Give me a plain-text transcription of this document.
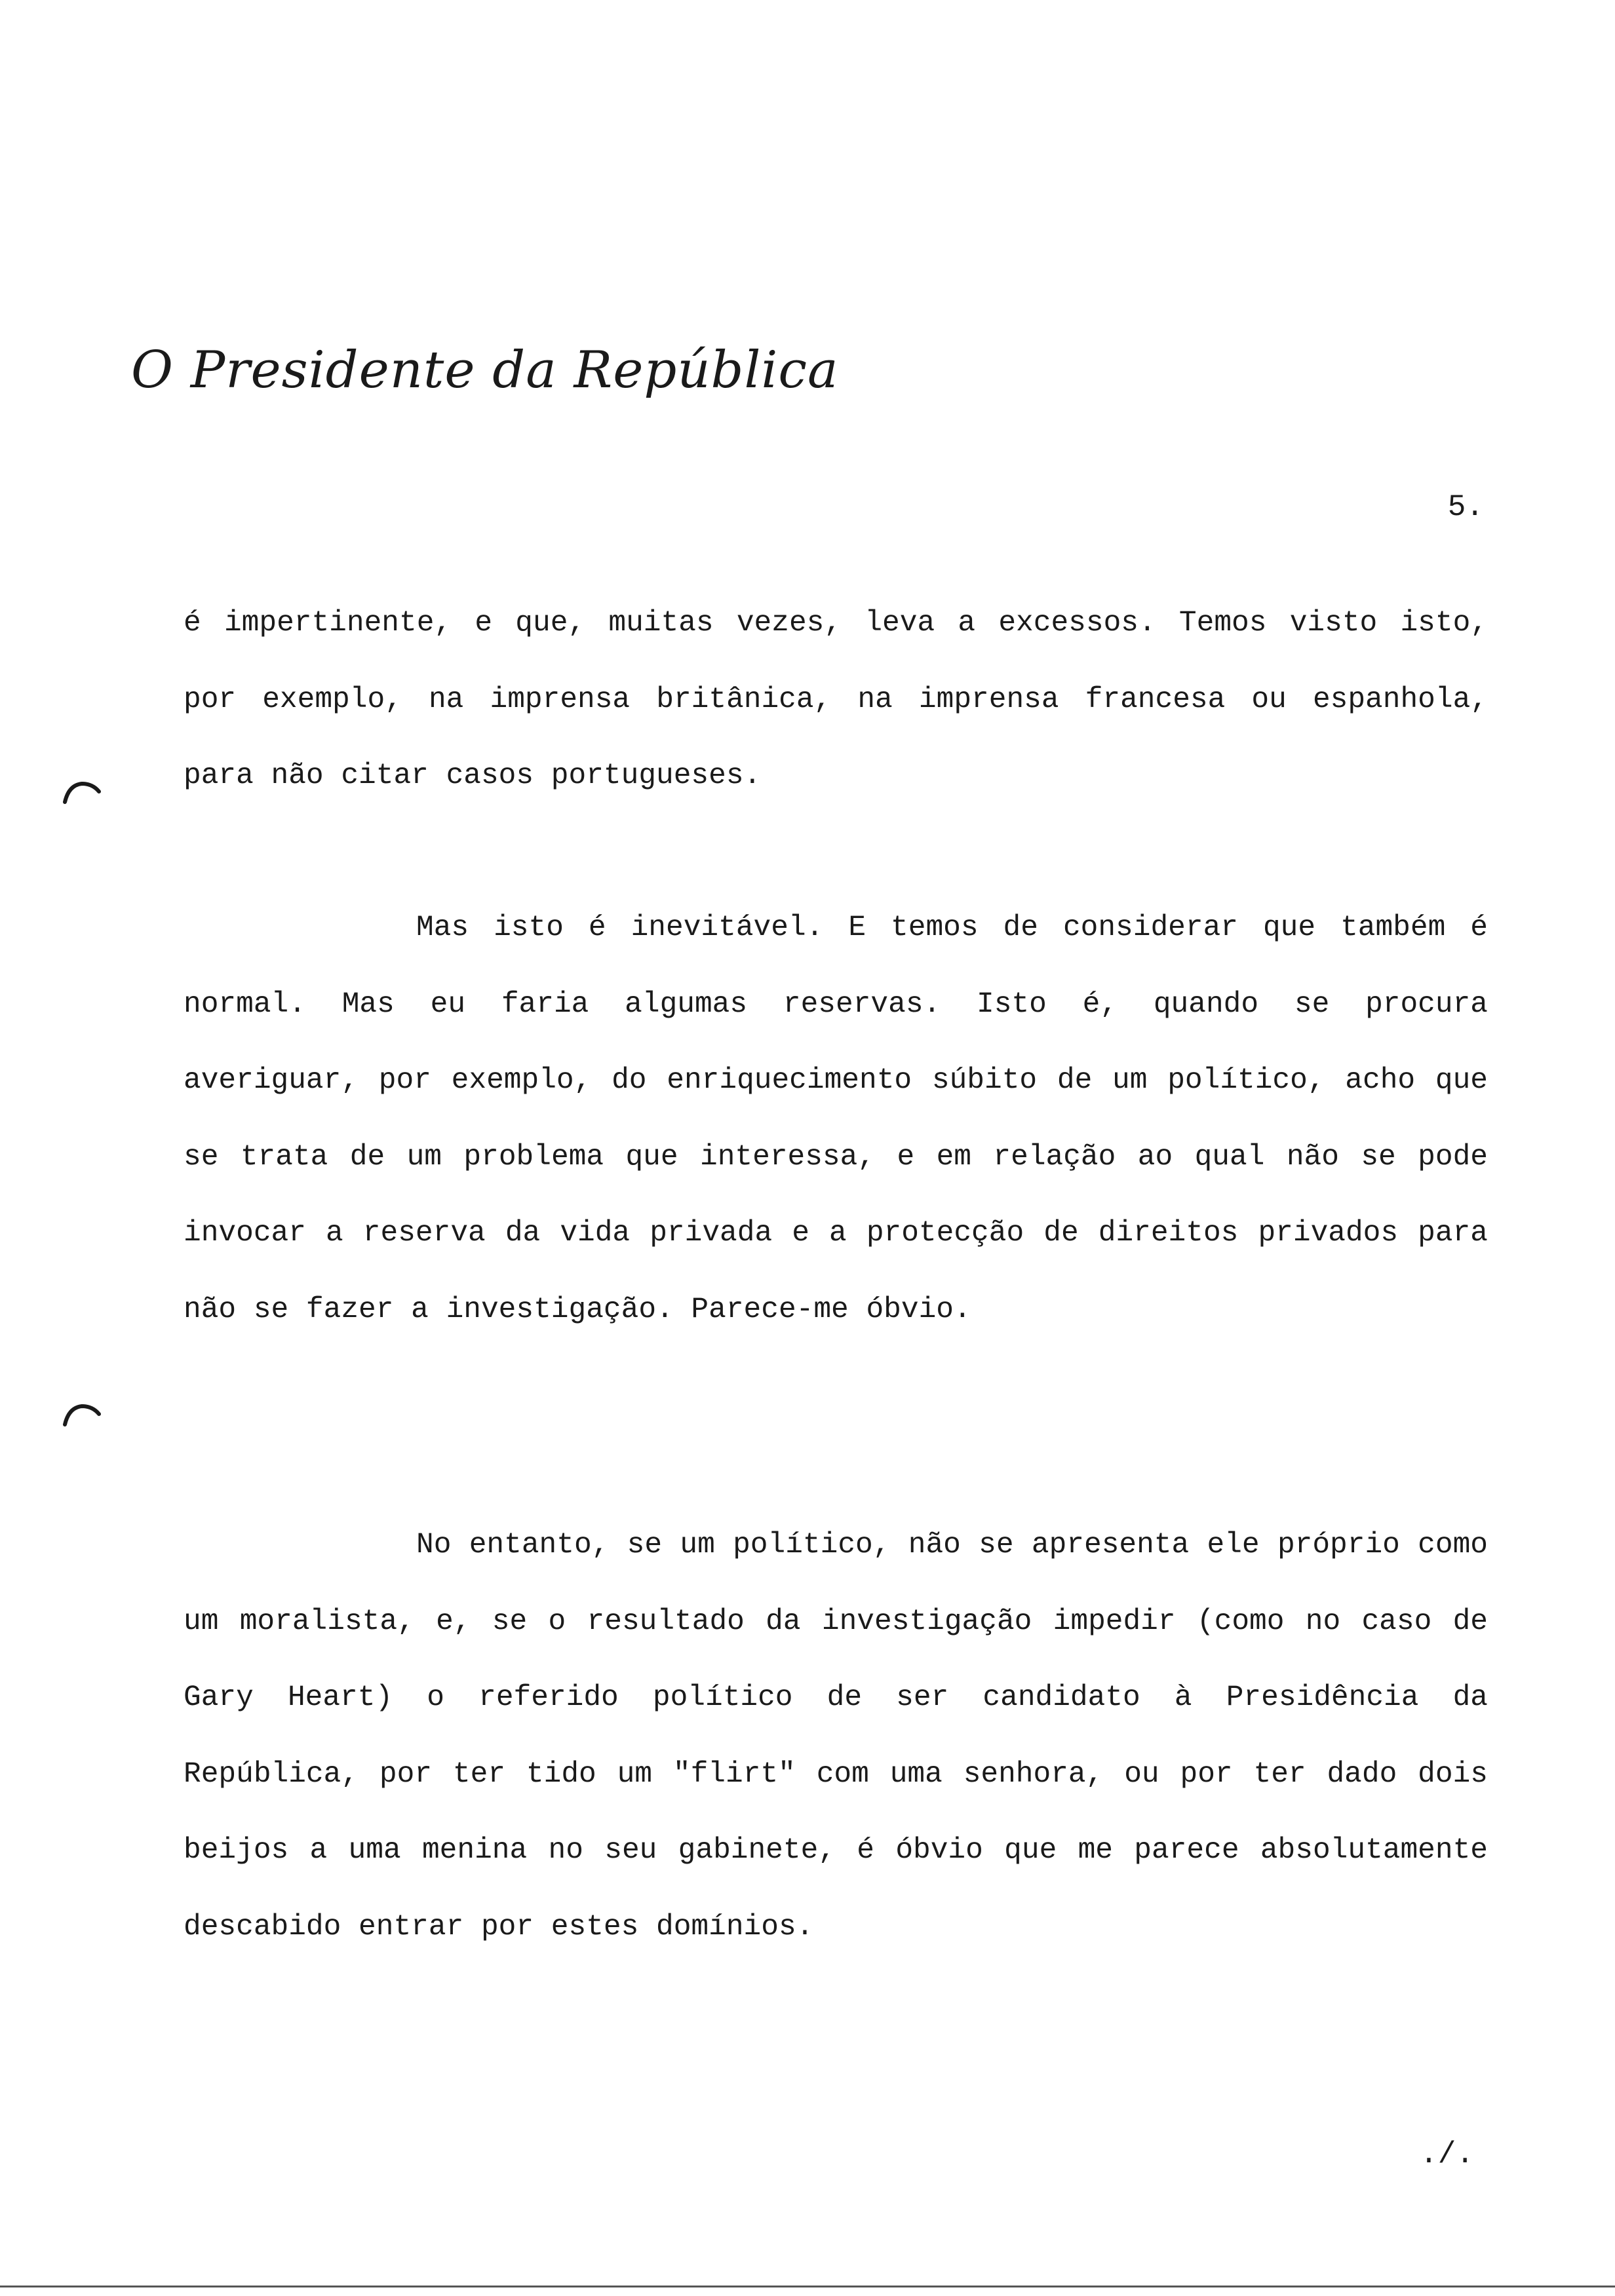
O Presidente da República
5.
é impertinente, e que, muitas vezes, leva a excessos. Temos visto isto, por exemplo, na imprensa britânica, na imprensa francesa ou espanhola, para não citar casos portugueses.
Mas isto é inevitável. E temos de considerar que também é normal. Mas eu faria algumas reservas. Isto é, quando se procura averiguar, por exemplo, do enriquecimento súbito de um político, acho que se trata de um problema que interessa, e em relação ao qual não se pode invocar a reserva da vida privada e a protecção de direitos privados para não se fazer a investigação. Parece-me óbvio.
No entanto, se um político, não se apresenta ele próprio como um moralista, e, se o resultado da investigação impedir (como no caso de Gary Heart) o referido político de ser candidato à Presidência da República, por ter tido um "flirt" com uma senhora, ou por ter dado dois beijos a uma menina no seu gabinete, é óbvio que me parece absolutamente descabido entrar por estes domínios.
./.
